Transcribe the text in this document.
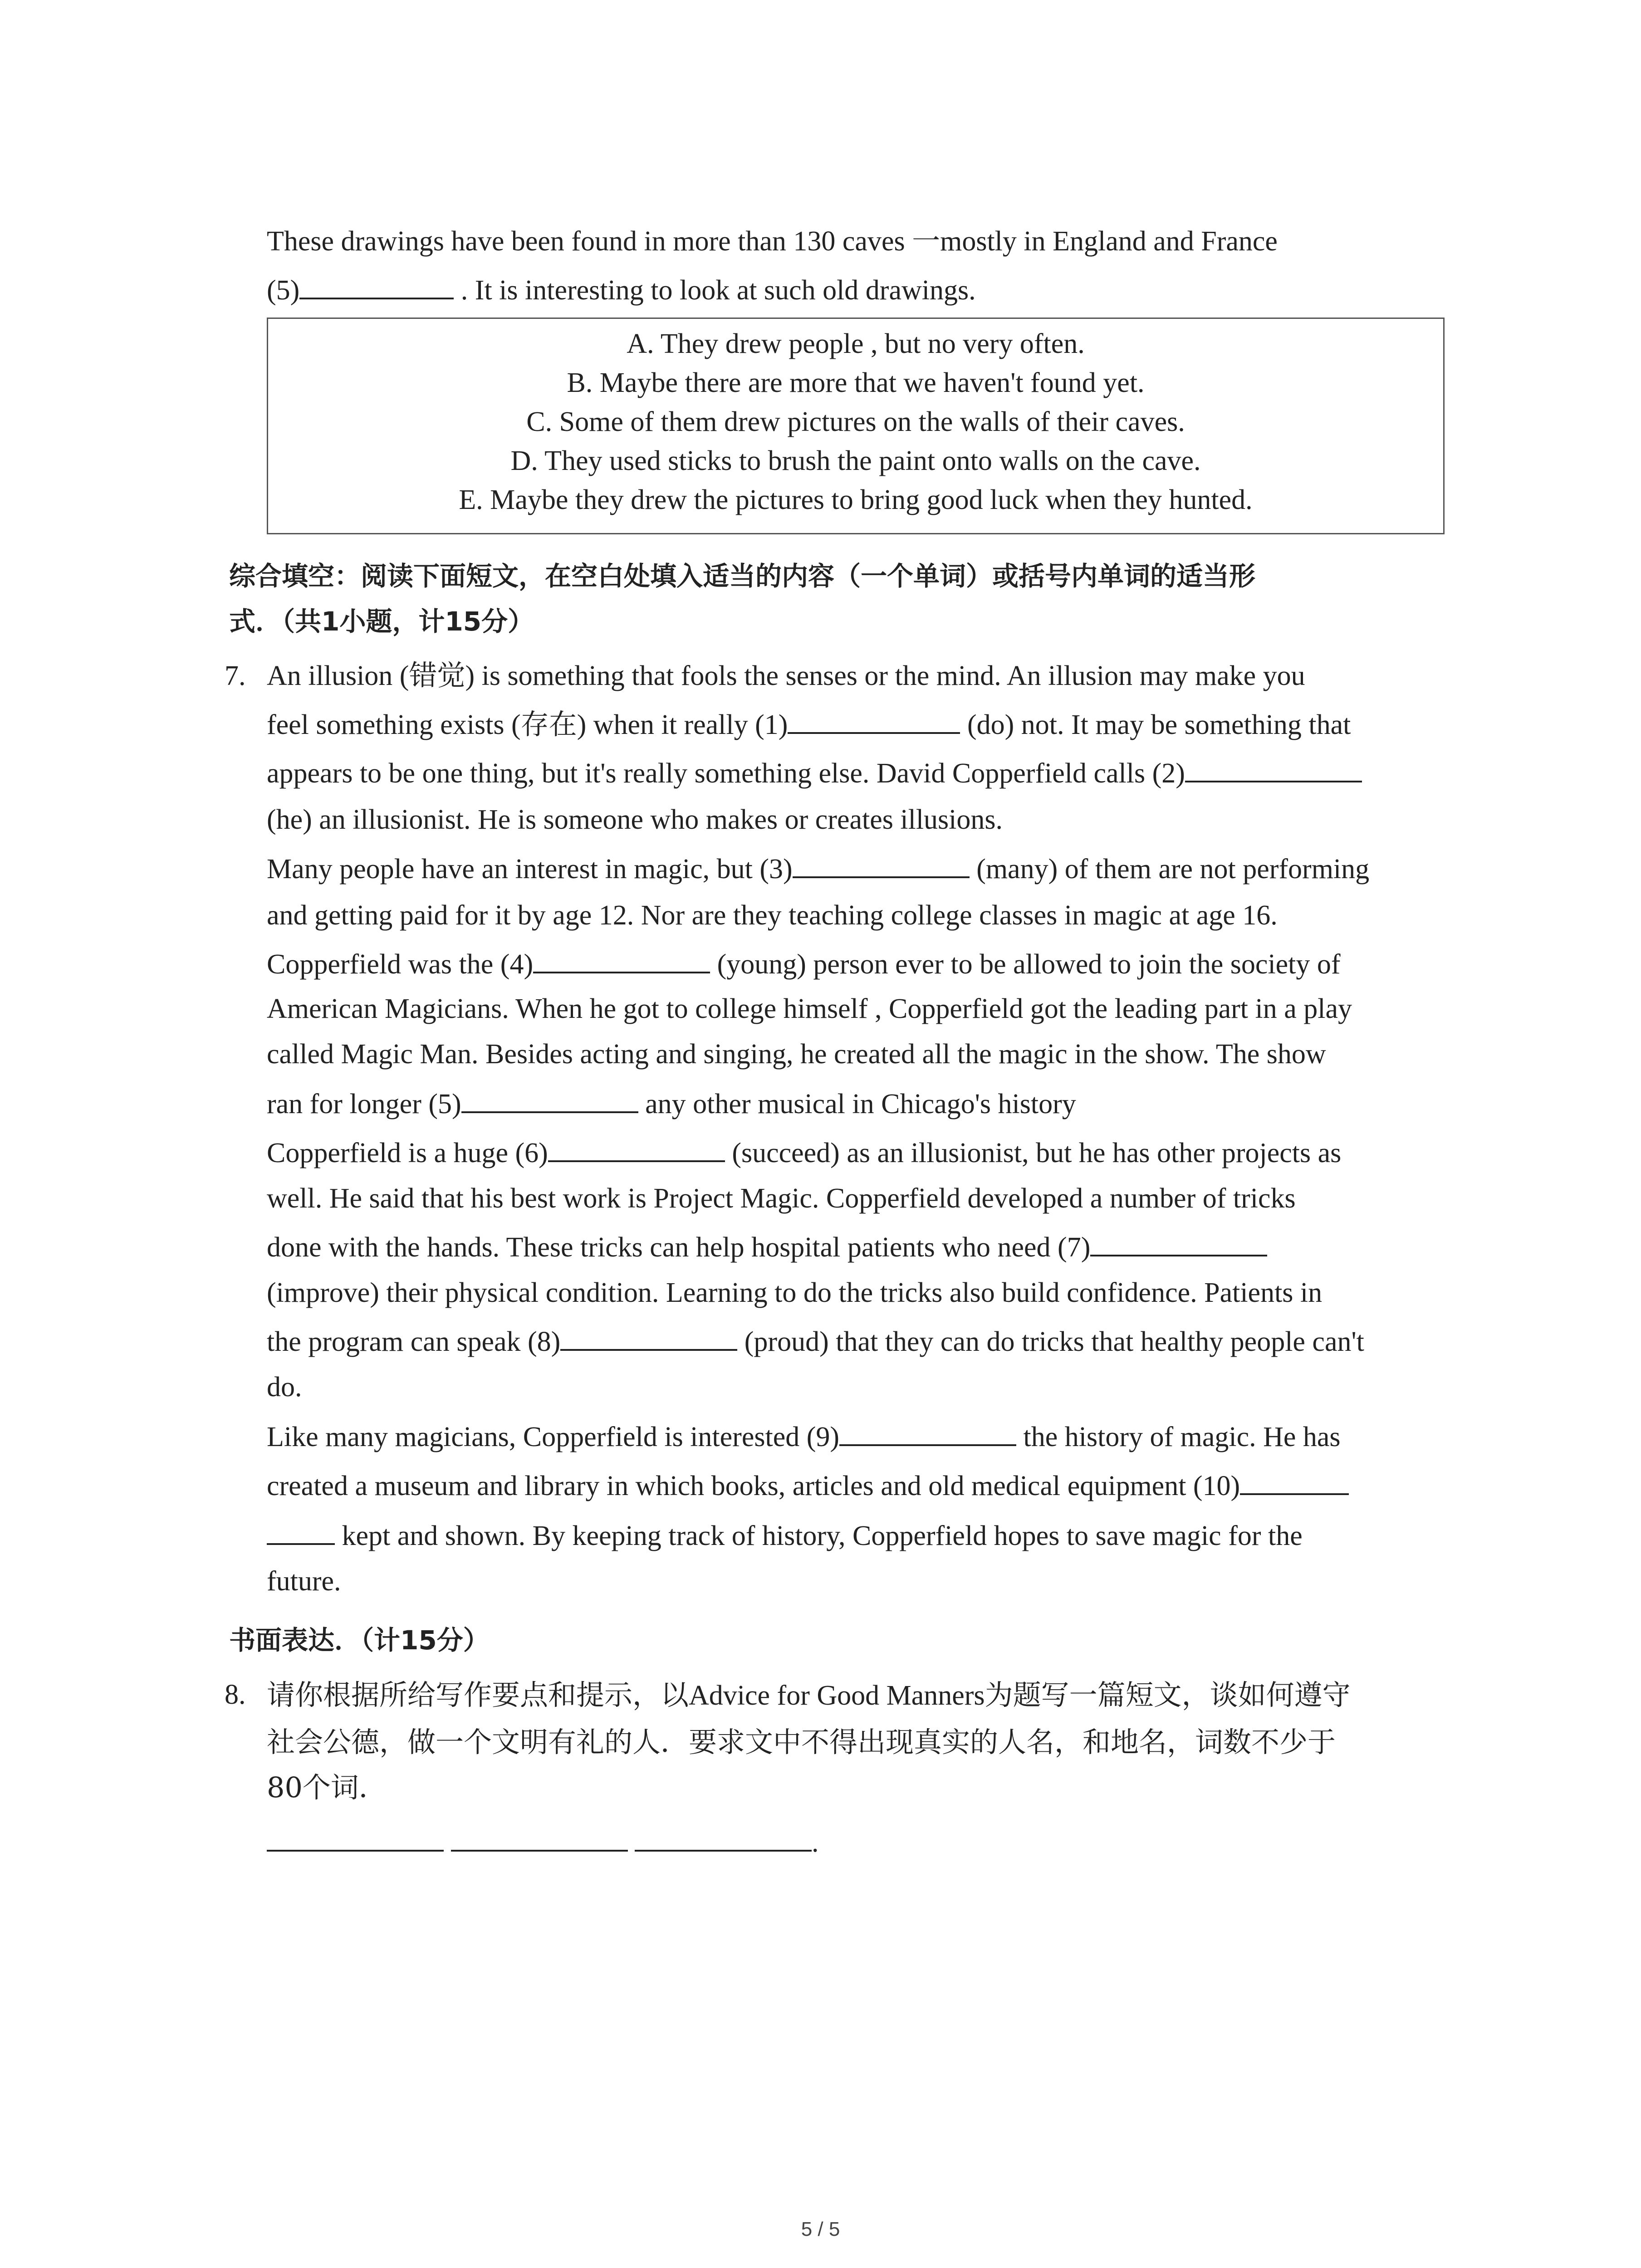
These drawings have been found in more than 130 caves 一mostly in England and France
(5)	. It is interesting to look at such old drawings.
A. They drew people , but no very often.
B. Maybe there are more that we haven't found yet.
C. Some of them drew pictures on the walls of their caves.
D. They used sticks to brush the paint onto walls on the cave.
E. Maybe they drew the pictures to bring good luck when they hunted.
综合填空：阅读下面短文，在空白处填入适当的内容（一个单词）或括号内单词的适当形
式．（共1小题，计15分）
7. An illusion (错觉) is something that fools the senses or the mind. An illusion may make you
feel something exists (存在) when it really (1)	(do) not. It may be something that
appears to be one thing, but it's really something else. David Copperfield calls (2)
(he) an illusionist. He is someone who makes or creates illusions.
Many people have an interest in magic, but (3)	(many) of them are not performing
and getting paid for it by age 12. Nor are they teaching college classes in magic at age 16.
Copperfield was the (4)	(young) person ever to be allowed to join the society of
American Magicians. When he got to college himself , Copperfield got the leading part in a play
called Magic Man. Besides acting and singing, he created all the magic in the show. The show
ran for longer (5)	any other musical in Chicago's history
Copperfield is a huge (6)	(succeed) as an illusionist, but he has other projects as
well. He said that his best work is Project Magic. Copperfield developed a number of tricks
done with the hands. These tricks can help hospital patients who need (7)
(improve) their physical condition. Learning to do the tricks also build confidence. Patients in
the program can speak (8)	(proud) that they can do tricks that healthy people can't
do.
Like many magicians, Copperfield is interested (9)	the history of magic. He has
created a museum and library in which books, articles and old medical equipment (10)
kept and shown. By keeping track of history, Copperfield hopes to save magic for the
future.
书面表达．（计15分）
8. 请你根据所给写作要点和提示，以Advice for Good Manners为题写一篇短文，谈如何遵守
社会公德，做一个文明有礼的人．要求文中不得出现真实的人名，和地名，词数不少于
80个词．
.
5 / 5
